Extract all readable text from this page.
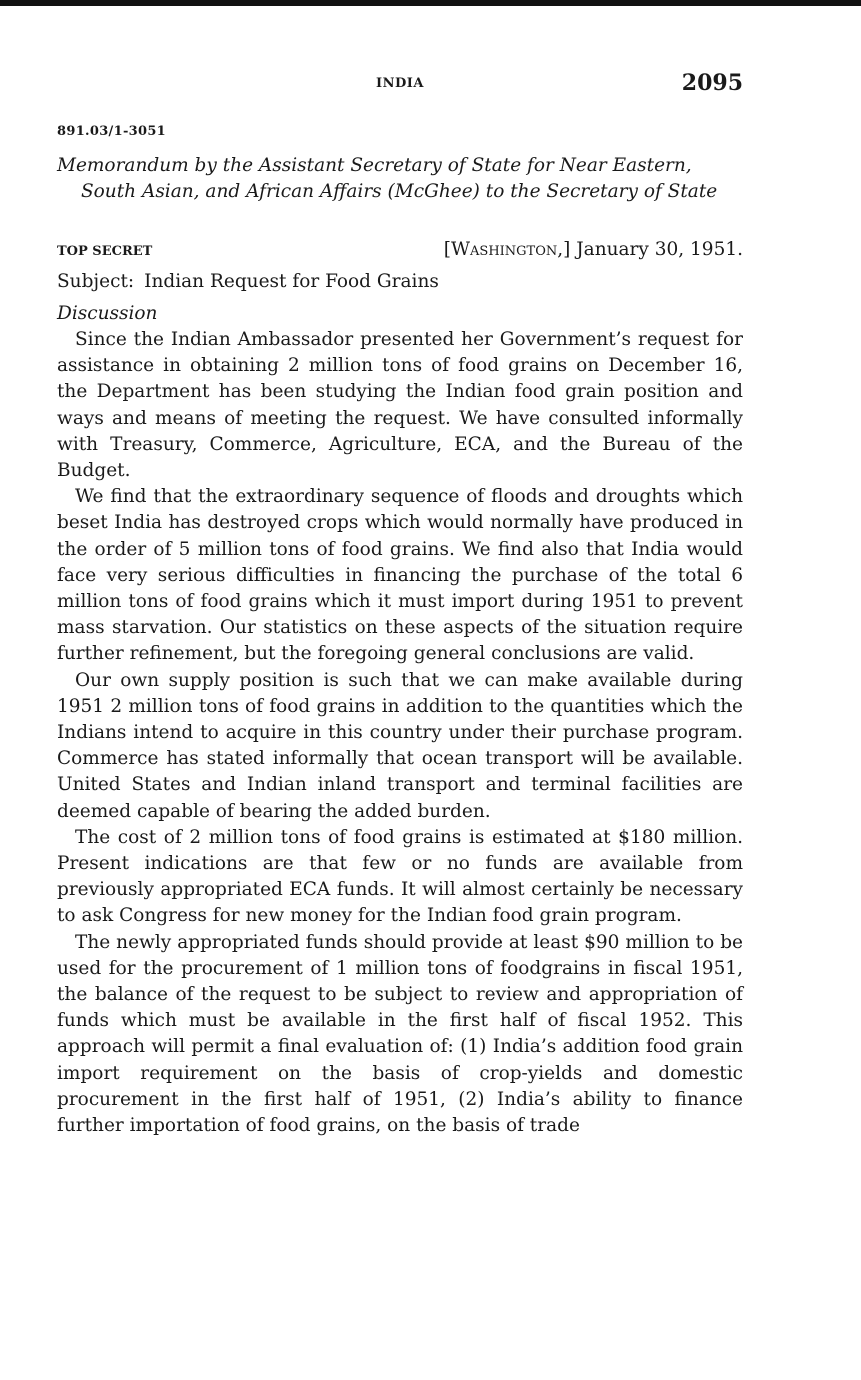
INDIA	2095
891.03/1-3051
Memorandum by the Assistant Secretary of State for Near Eastern, South Asian, and African Affairs (McGhee) to the Secretary of State
TOP SECRET	[Washington,] January 30, 1951.
Subject: Indian Request for Food Grains
Discussion

Since the Indian Ambassador presented her Government’s request for assistance in obtaining 2 million tons of food grains on December 16, the Department has been studying the Indian food grain position and ways and means of meeting the request. We have consulted informally with Treasury, Commerce, Agriculture, ECA, and the Bureau of the Budget.

We find that the extraordinary sequence of floods and droughts which beset India has destroyed crops which would normally have produced in the order of 5 million tons of food grains. We find also that India would face very serious difficulties in financing the purchase of the total 6 million tons of food grains which it must import during 1951 to prevent mass starvation. Our statistics on these aspects of the situation require further refinement, but the foregoing general conclusions are valid.

Our own supply position is such that we can make available during 1951 2 million tons of food grains in addition to the quantities which the Indians intend to acquire in this country under their purchase program. Commerce has stated informally that ocean transport will be available. United States and Indian inland transport and terminal facilities are deemed capable of bearing the added burden.

The cost of 2 million tons of food grains is estimated at $180 million. Present indications are that few or no funds are available from previously appropriated ECA funds. It will almost certainly be necessary to ask Congress for new money for the Indian food grain program.

The newly appropriated funds should provide at least $90 million to be used for the procurement of 1 million tons of foodgrains in fiscal 1951, the balance of the request to be subject to review and appropriation of funds which must be available in the first half of fiscal 1952. This approach will permit a final evaluation of: (1) India’s addition food grain import requirement on the basis of crop-yields and domestic procurement in the first half of 1951, (2) India’s ability to finance further importation of food grains, on the basis of trade
